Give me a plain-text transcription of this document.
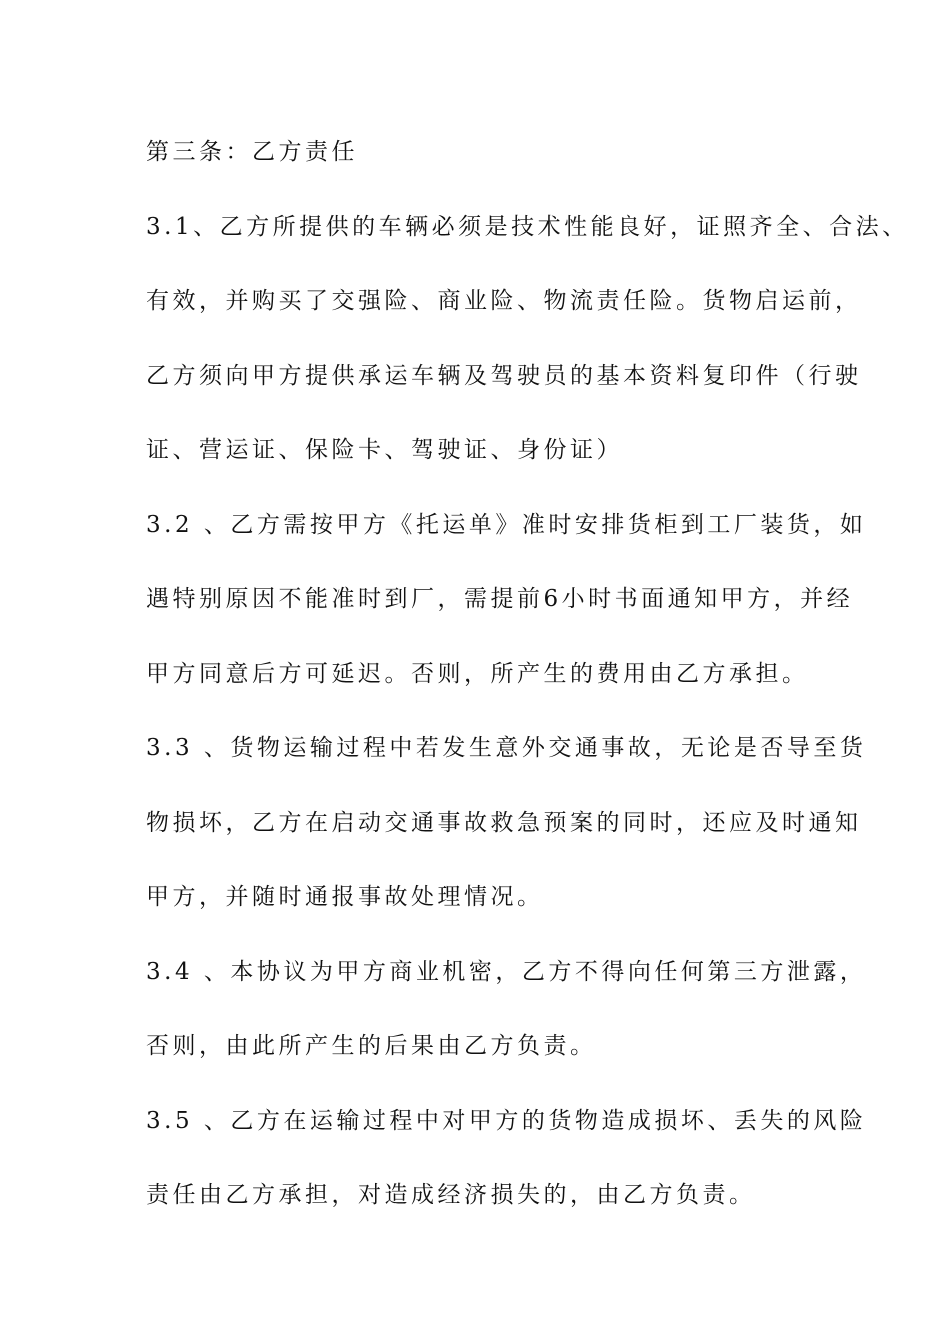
第三条：乙方责任
3.1、乙方所提供的车辆必须是技术性能良好，证照齐全、合法、
有效，并购买了交强险、商业险、物流责任险。货物启运前，
乙方须向甲方提供承运车辆及驾驶员的基本资料复印件（行驶
证、营运证、保险卡、驾驶证、身份证）
3.2 、乙方需按甲方《托运单》准时安排货柜到工厂装货，如
遇特别原因不能准时到厂，需提前6小时书面通知甲方，并经
甲方同意后方可延迟。否则，所产生的费用由乙方承担。
3.3 、货物运输过程中若发生意外交通事故，无论是否导至货
物损坏，乙方在启动交通事故救急预案的同时，还应及时通知
甲方，并随时通报事故处理情况。
3.4 、本协议为甲方商业机密，乙方不得向任何第三方泄露，
否则，由此所产生的后果由乙方负责。
3.5 、乙方在运输过程中对甲方的货物造成损坏、丢失的风险
责任由乙方承担，对造成经济损失的，由乙方负责。
